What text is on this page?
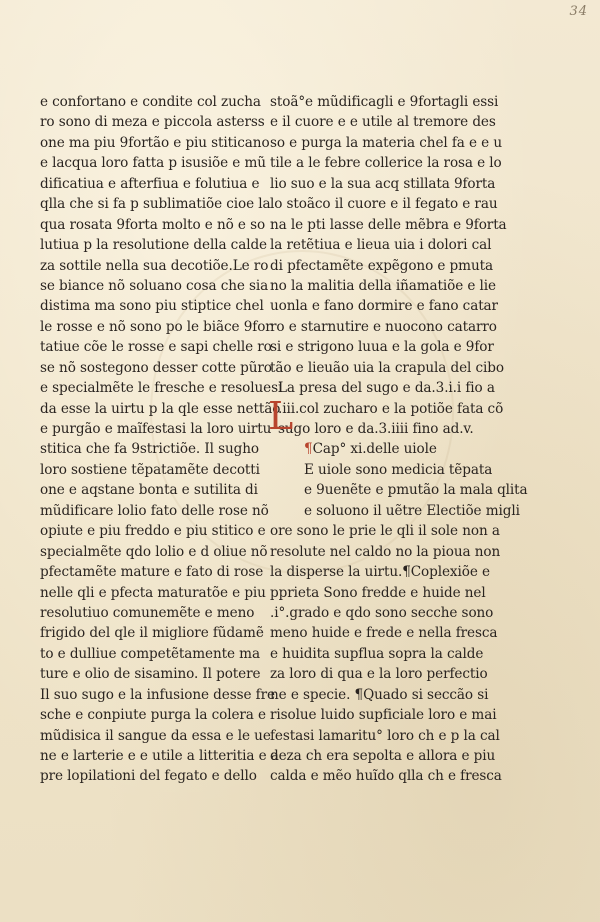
34
e confortano e condite col zucha
ro sono di meza e piccola asterss
one ma piu 9fortão e piu stiticano
e lacqua loro fatta p isusiõe e mũ
dificatiua e afterfiua e folutiua e
qlla che si fa p sublimatiõe cioe la
qua rosata 9forta molto e nõ e so
lutiua p la resolutione della calde
za sottile nella sua decotiõe.Le ro
se biance nõ soluano cosa che sia
distima ma sono piu stiptice chel
le rosse e nõ sono po le biãce 9for
tatiue cõe le rosse e sapi chelle ro
se nõ sostegono desser cotte pũro
e specialmẽte le fresche e resoluesi
da esse la uirtu p la qle esse nettão
e purgão e maĩfestasi la loro uirtu
stitica che fa 9strictiõe. Il sugho
loro sostiene tẽpatamẽte decotti
one e aqstane bonta e sutilita di
mũdificare lolio fato delle rose nõ
opiute e piu freddo e piu stitico e
specialmẽte qdo lolio e d oliue nõ
pfectamẽte mature e fato di rose
nelle qli e pfecta maturatõe e piu
resolutiuo comunemẽte e meno
frigido del qle il migliore fũdamẽ
to e dulliue competẽtamente ma
ture e olio de sisamino. Il potere
Il suo sugo e la infusione desse fre
sche e conpiute purga la colera e
mũdisica il sangue da essa e le ue
ne e larterie e e utile a litteritia e a
pre lopilationi del fegato e dello
stoã°e mũdificagli e 9fortagli essi
e il cuore e e utile al tremore des
so e purga la materia chel fa e e u
tile a le febre collerice la rosa e lo
lio suo e la sua acq stillata 9forta
lo stoãco il cuore e il fegato e rau
na le pti lasse delle mẽbra e 9forta
la retẽtiua e lieua uia i dolori cal
di pfectamẽte expẽgono e pmuta
no la malitia della iñamatiõe e lie
uonla e fano dormire e fano catar
ro e starnutire e nuocono catarro
si e strigono luua e la gola e 9for
tão e lieuão uia la crapula del cibo
La presa del sugo e da.3.i.i fio a
.iii.col zucharo e la potiõe fata cõ
sugo loro e da.3.iiii fino ad.v.
¶Cap° xi.delle uiole
E uiole sono medicia tẽpata
e 9uenẽte e pmutão la mala qlita
e soluono il uẽtre Electiõe migli
ore sono le prie le qli il sole non a
resolute nel caldo no la pioua non
la disperse la uirtu.¶Coplexiõe e
pprieta Sono fredde e huide nel
.i°.grado e qdo sono secche sono
meno huide e frede e nella fresca
e huidita supflua sopra la calde
za loro di qua e la loro perfectio
ne e specie. ¶Quado si seccão si
risolue luido supficiale loro e mai
festasi lamaritu° loro ch e p la cal
deza ch era sepolta e allora e piu
calda e mẽo huĩdo qlla ch e fresca
L
